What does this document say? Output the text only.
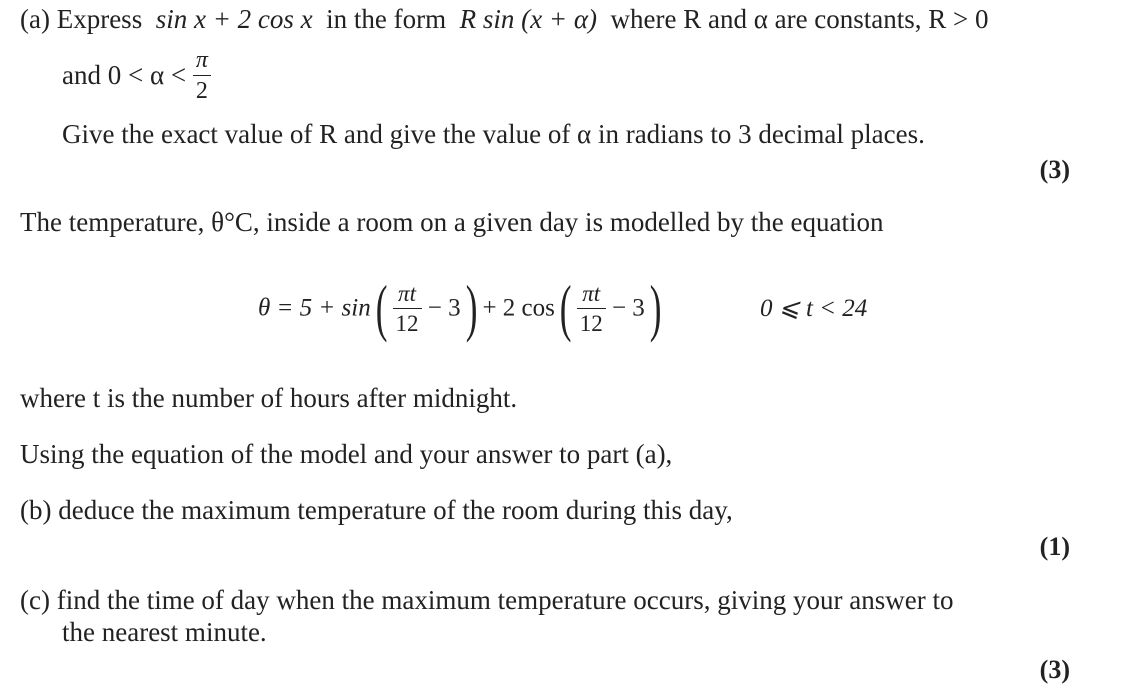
(a) Express sin x + 2 cos x in the form R sin (x + α) where R and α are constants, R > 0
and $0 < \alpha < \frac{\pi}{2}$
Give the exact value of R and give the value of α in radians to 3 decimal places.
(3)
The temperature, θ°C, inside a room on a given day is modelled by the equation
θ = 5 + sin ( $\frac{\pi t}{12} - 3$ ) + 2 cos ( $\frac{\pi t}{12} - 3$ )	0 ⩽ t < 24
where t is the number of hours after midnight.
Using the equation of the model and your answer to part (a),
(b) deduce the maximum temperature of the room during this day,
(1)
(c) find the time of day when the maximum temperature occurs, giving your answer to
the nearest minute.
(3)
